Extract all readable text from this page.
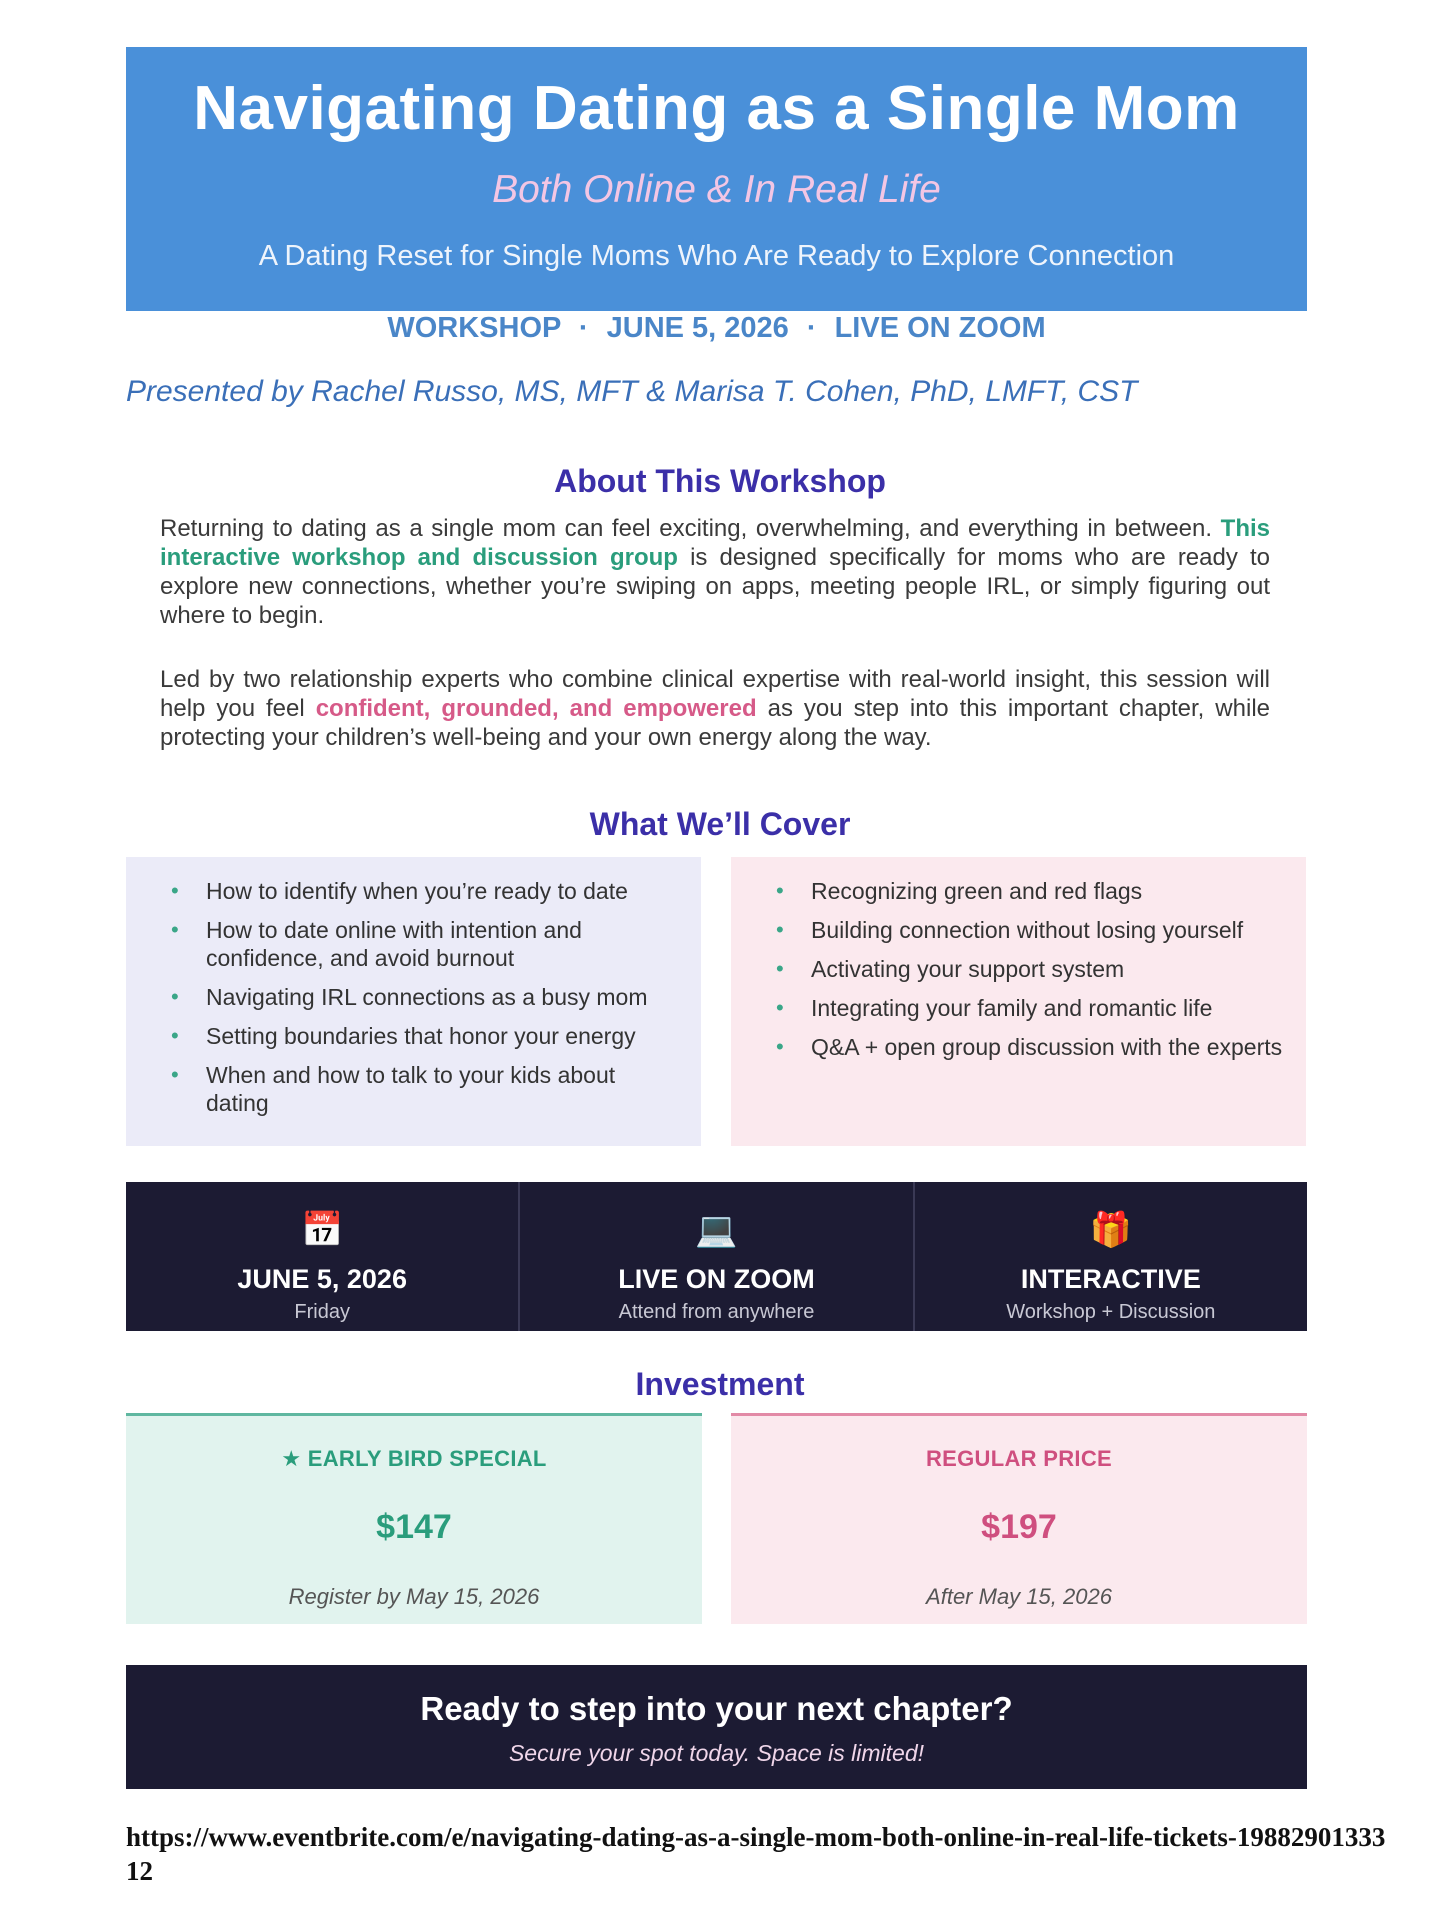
Navigating Dating as a Single Mom
Both Online & In Real Life
A Dating Reset for Single Moms Who Are Ready to Explore Connection
WORKSHOP · JUNE 5, 2026 · LIVE ON ZOOM
Presented by Rachel Russo, MS, MFT & Marisa T. Cohen, PhD, LMFT, CST
About This Workshop

Returning to dating as a single mom can feel exciting, overwhelming, and everything in between. This interactive workshop and discussion group is designed specifically for moms who are ready to explore new connections, whether you’re swiping on apps, meeting people IRL, or simply figuring out where to begin.

Led by two relationship experts who combine clinical expertise with real-world insight, this session will help you feel confident, grounded, and empowered as you step into this important chapter, while protecting your children’s well-being and your own energy along the way.

What We’ll Cover
• How to identify when you’re ready to date
• How to date online with intention and confidence, and avoid burnout
• Navigating IRL connections as a busy mom
• Setting boundaries that honor your energy
• When and how to talk to your kids about dating
• Recognizing green and red flags
• Building connection without losing yourself
• Activating your support system
• Integrating your family and romantic life
• Q&A + open group discussion with the experts
📅
JUNE 5, 2026
Friday
💻
LIVE ON ZOOM
Attend from anywhere
🎁
INTERACTIVE
Workshop + Discussion
Investment
★ EARLY BIRD SPECIAL
$147
Register by May 15, 2026
REGULAR PRICE
$197
After May 15, 2026
Ready to step into your next chapter?
Secure your spot today. Space is limited!
https://www.eventbrite.com/e/navigating-dating-as-a-single-mom-both-online-in-real-life-tickets-1988290133312
